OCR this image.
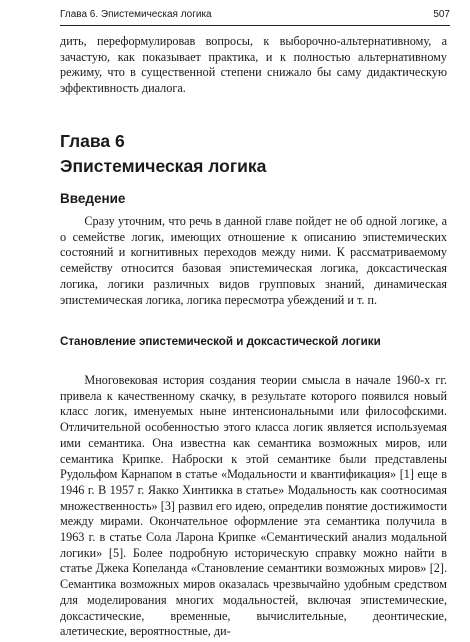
Глава 6. Эпистемическая логика	507

дить, переформулировав вопросы, к выборочно-альтернативному, а зачастую, как показывает практика, и к полностью альтернативному режиму, что в существенной степени снижало бы саму дидактическую эффективность диалога.

Глава 6
Эпистемическая логика
Введение

Сразу уточним, что речь в данной главе пойдет не об одной логике, а о семействе логик, имеющих отношение к описанию эпистемических состояний и когнитивных переходов между ними. К рассматриваемому семейству относится базовая эпистемическая логика, доксастическая логика, логики различных видов групповых знаний, динамическая эпистемическая логика, логика пересмотра убеждений и т. п.

Становление эпистемической и доксастической логики

Многовековая история создания теории смысла в начале 1960-х гг. привела к качественному скачку, в результате которого появился новый класс логик, именуемых ныне интенсиональными или философскими. Отличительной особенностью этого класса логик является используемая ими семантика. Она известна как семантика возможных миров, или семантика Крипке. Наброски к этой семантике были представлены Рудольфом Карнапом в статье «Модальности и квантификация» [1] еще в 1946 г. В 1957 г. Яакко Хинтикка в статье» Модальность как соотносимая множественность» [3] развил его идею, определив понятие достижимости между мирами. Окончательное оформление эта семантика получила в 1963 г. в статье Сола Ларона Крипке «Семантический анализ модальной логики» [5]. Более подробную историческую справку можно найти в статье Джека Копеланда «Становление семантики возможных миров» [2]. Семантика возможных миров оказалась чрезвычайно удобным средством для моделирования многих модальностей, включая эпистемические, доксастические, временные, вычислительные, деонтические, алетические, вероятностные, ди-
